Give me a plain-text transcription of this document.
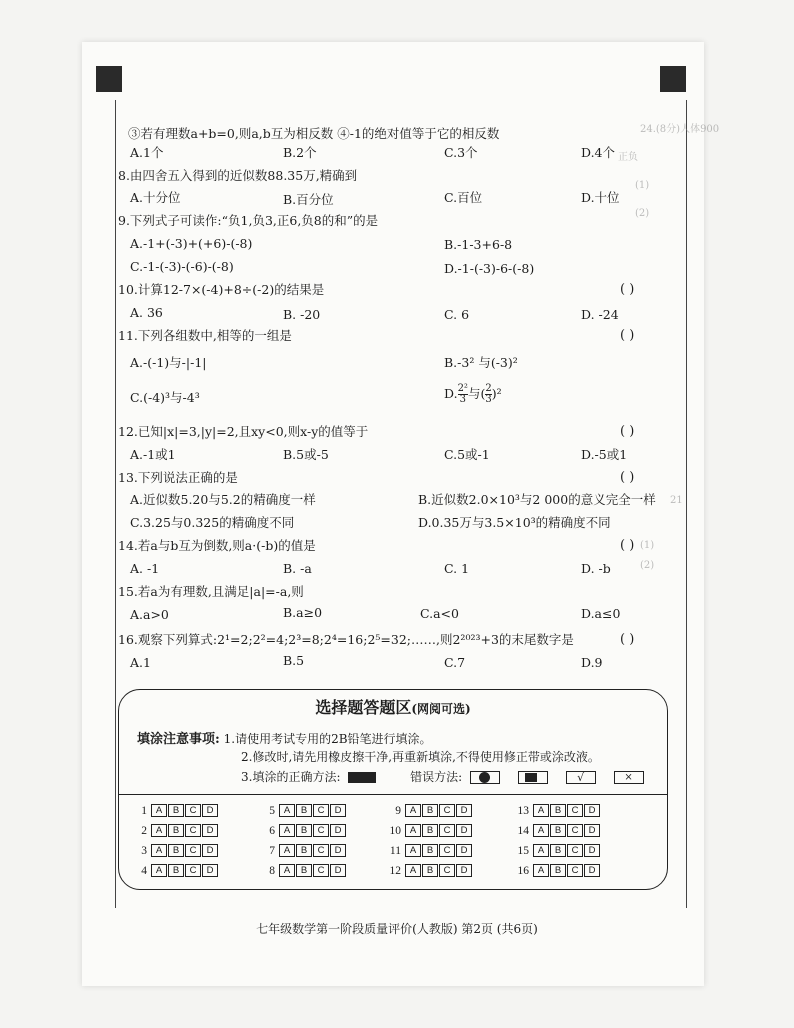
24.(8分)人体900
正负
(1)
(2)
21
(1)
(2)
③若有理数a+b=0,则a,b互为相反数 ④-1的绝对值等于它的相反数
A.1个	B.2个	C.3个	D.4个
8.由四舍五入得到的近似数88.35万,精确到
A.十分位	B.百分位	C.百位	D.十位
9.下列式子可读作:“负1,负3,正6,负8的和”的是
A.-1+(-3)+(+6)-(-8)	B.-1-3+6-8
C.-1-(-3)-(-6)-(-8)	D.-1-(-3)-6-(-8)
10.计算12-7×(-4)+8÷(-2)的结果是	( )
A. 36	B. -20	C. 6	D. -24
11.下列各组数中,相等的一组是	( )
A.-(-1)与-|-1|	B.-3² 与(-3)²
C.(-4)³与-4³	D. $\frac{\text{2²}}{3}$ 与( $\frac{2}{3} )^2$
12.已知|x|=3,|y|=2,且xy<0,则x-y的值等于	( )
A.-1或1	B.5或-5	C.5或-1	D.-5或1
13.下列说法正确的是	( )
A.近似数5.20与5.2的精确度一样	B.近似数2.0×10³与2 000的意义完全一样
C.3.25与0.325的精确度不同	D.0.35万与3.5×10³的精确度不同
14.若a与b互为倒数,则a·(-b)的值是	( )
A. -1	B. -a	C. 1	D. -b
15.若a为有理数,且满足|a|=-a,则
A.a>0	B.a≥0	C.a<0	D.a≤0
16.观察下列算式:2¹=2;2²=4;2³=8;2⁴=16;2⁵=32;……,则2²⁰²³+3的末尾数字是	( )
A.1	B.5	C.7	D.9
选择题答题区(网阅可选)
填涂注意事项: 1.请使用考试专用的2B铅笔进行填涂。
2.修改时,请先用橡皮擦干净,再重新填涂,不得使用修正带或涂改液。
3.填涂的正确方法:	错误方法:
	√	×
1 A	B	C	D
2 A	B	C	D
3 A	B	C	D
4 A	B	C	D
5 A	B	C	D
6 A	B	C	D
7 A	B	C	D
8 A	B	C	D
9 A	B	C	D
10 A	B	C	D
11 A	B	C	D
12 A	B	C	D
13 A	B	C	D
14 A	B	C	D
15 A	B	C	D
16 A	B	C	D
七年级数学第一阶段质量评价(人教版) 第2页 (共6页)
